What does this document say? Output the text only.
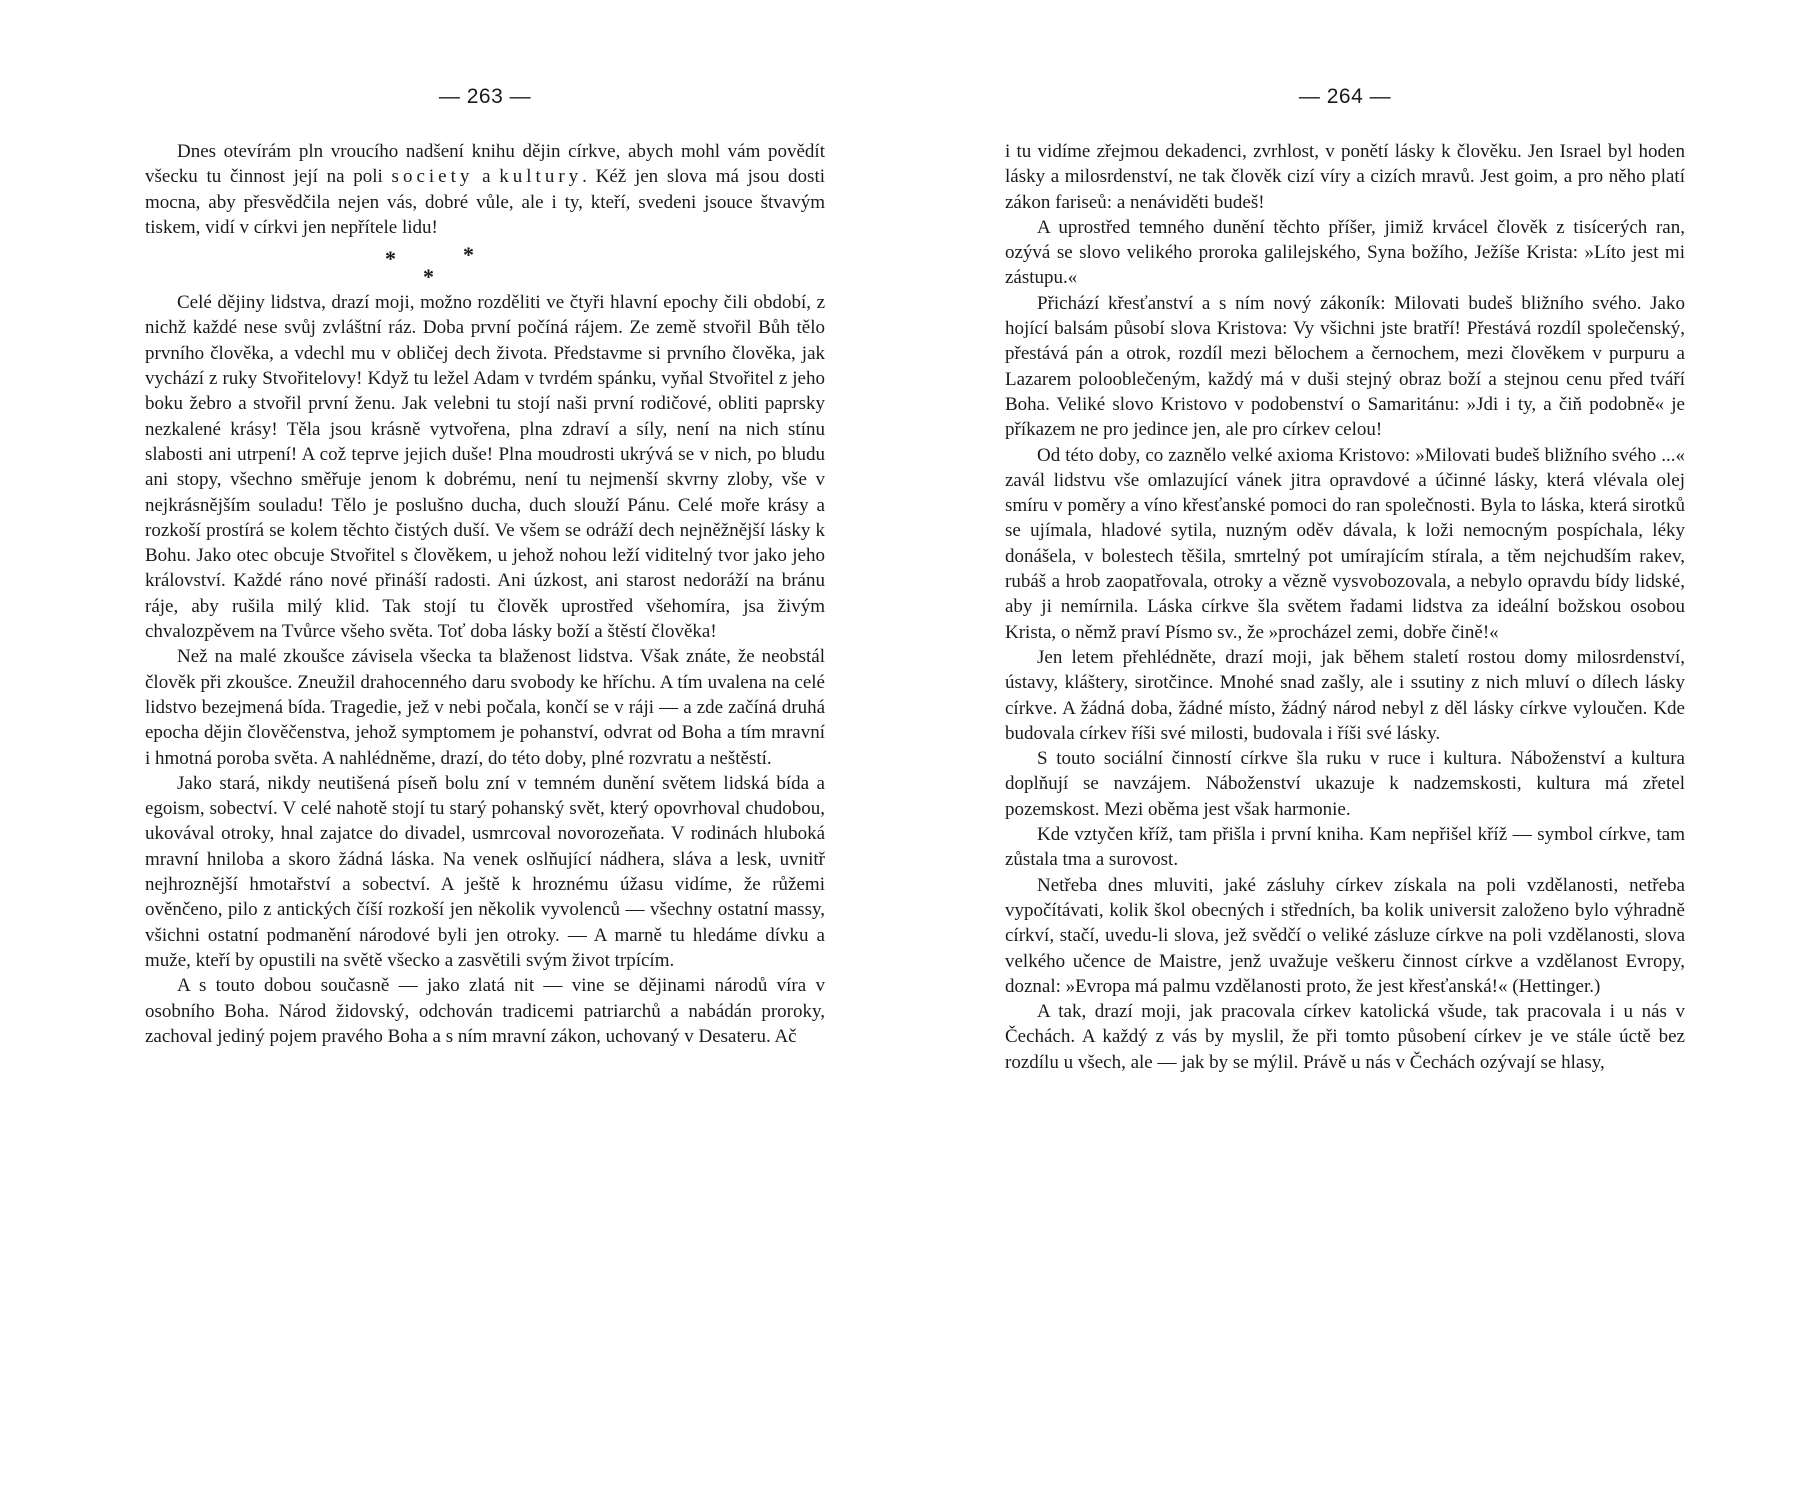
— 263 —

Dnes otevírám pln vroucího nadšení knihu dějin církve, abych mohl vám povědít všecku tu činnost její na poli society a kultury. Kéž jen slova má jsou dosti mocna, aby přesvědčila nejen vás, dobré vůle, ale i ty, kteří, svedeni jsouce štvavým tiskem, vidí v církvi jen nepřítele lidu!

*
*
*

Celé dějiny lidstva, drazí moji, možno rozděliti ve čtyři hlavní epochy čili období, z nichž každé nese svůj zvláštní ráz. Doba první počíná rájem. Ze země stvořil Bůh tělo prvního člověka, a vdechl mu v obličej dech života. Představme si prvního člověka, jak vychází z ruky Stvořitelovy! Když tu ležel Adam v tvrdém spánku, vyňal Stvořitel z jeho boku žebro a stvořil první ženu. Jak velebni tu stojí naši první rodičové, obliti paprsky nezkalené krásy! Těla jsou krásně vytvořena, plna zdraví a síly, není na nich stínu slabosti ani utrpení! A což teprve jejich duše! Plna moudrosti ukrývá se v nich, po bludu ani stopy, všechno směřuje jenom k dobrému, není tu nejmenší skvrny zloby, vše v nejkrásnějším souladu! Tělo je poslušno ducha, duch slouží Pánu. Celé moře krásy a rozkoší prostírá se kolem těchto čistých duší. Ve všem se odráží dech nejněžnější lásky k Bohu. Jako otec obcuje Stvořitel s člověkem, u jehož nohou leží viditelný tvor jako jeho království. Každé ráno nové přináší radosti. Ani úzkost, ani starost nedoráží na bránu ráje, aby rušila milý klid. Tak stojí tu člověk uprostřed všehomíra, jsa živým chvalozpěvem na Tvůrce všeho světa. Toť doba lásky boží a štěstí člověka!

Než na malé zkoušce závisela všecka ta blaženost lidstva. Však znáte, že neobstál člověk při zkoušce. Zneužil drahocenného daru svobody ke hříchu. A tím uvalena na celé lidstvo bezejmená bída. Tragedie, jež v nebi počala, končí se v ráji — a zde začíná druhá epocha dějin člověčenstva, jehož symptomem je pohanství, odvrat od Boha a tím mravní i hmotná poroba světa. A nahlédněme, drazí, do této doby, plné rozvratu a neštěstí.

Jako stará, nikdy neutišená píseň bolu zní v temném dunění světem lidská bída a egoism, sobectví. V celé nahotě stojí tu starý pohanský svět, který opovrhoval chudobou, ukovával otroky, hnal zajatce do divadel, usmrcoval novorozeňata. V rodinách hluboká mravní hniloba a skoro žádná láska. Na venek oslňující nádhera, sláva a lesk, uvnitř nejhroznější hmotařství a sobectví. A ještě k hroznému úžasu vidíme, že růžemi ověnčeno, pilo z antických číší rozkoší jen několik vyvolenců — všechny ostatní massy, všichni ostatní podmanění národové byli jen otroky. — A marně tu hledáme dívku a muže, kteří by opustili na světě všecko a zasvětili svým život trpícím.

A s touto dobou současně — jako zlatá nit — vine se dějinami národů víra v osobního Boha. Národ židovský, odchován tradicemi patriarchů a nabádán proroky, zachoval jediný pojem pravého Boha a s ním mravní zákon, uchovaný v Desateru. Ač

— 264 —

i tu vidíme zřejmou dekadenci, zvrhlost, v ponětí lásky k člověku. Jen Israel byl hoden lásky a milosrdenství, ne tak člověk cizí víry a cizích mravů. Jest goim, a pro něho platí zákon fariseů: a nenáviděti budeš!

A uprostřed temného dunění těchto příšer, jimiž krvácel člověk z tisícerých ran, ozývá se slovo velikého proroka galilejského, Syna božího, Ježíše Krista: »Líto jest mi zástupu.«

Přichází křesťanství a s ním nový zákoník: Milovati budeš bližního svého. Jako hojící balsám působí slova Kristova: Vy všichni jste bratří! Přestává rozdíl společenský, přestává pán a otrok, rozdíl mezi bělochem a černochem, mezi člověkem v purpuru a Lazarem polooblečeným, každý má v duši stejný obraz boží a stejnou cenu před tváří Boha. Veliké slovo Kristovo v podobenství o Samaritánu: »Jdi i ty, a čiň podobně« je příkazem ne pro jedince jen, ale pro církev celou!

Od této doby, co zaznělo velké axioma Kristovo: »Milovati budeš bližního svého ...« zavál lidstvu vše omlazující vánek jitra opravdové a účinné lásky, která vlévala olej smíru v poměry a víno křesťanské pomoci do ran společnosti. Byla to láska, která sirotků se ujímala, hladové sytila, nuzným oděv dávala, k loži nemocným pospíchala, léky donášela, v bolestech těšila, smrtelný pot umírajícím stírala, a těm nejchudším rakev, rubáš a hrob zaopatřovala, otroky a vězně vysvobozovala, a nebylo opravdu bídy lidské, aby ji nemírnila. Láska církve šla světem řadami lidstva za ideální božskou osobou Krista, o němž praví Písmo sv., že »procházel zemi, dobře čině!«

Jen letem přehlédněte, drazí moji, jak během staletí rostou domy milosrdenství, ústavy, kláštery, sirotčince. Mnohé snad zašly, ale i ssutiny z nich mluví o dílech lásky církve. A žádná doba, žádné místo, žádný národ nebyl z děl lásky církve vyloučen. Kde budovala církev říši své milosti, budovala i říši své lásky.

S touto sociální činností církve šla ruku v ruce i kultura. Náboženství a kultura doplňují se navzájem. Náboženství ukazuje k nadzemskosti, kultura má zřetel pozemskost. Mezi oběma jest však harmonie.

Kde vztyčen kříž, tam přišla i první kniha. Kam nepřišel kříž — symbol církve, tam zůstala tma a surovost.

Netřeba dnes mluviti, jaké zásluhy církev získala na poli vzdělanosti, netřeba vypočítávati, kolik škol obecných i středních, ba kolik universit založeno bylo výhradně církví, stačí, uvedu-li slova, jež svědčí o veliké zásluze církve na poli vzdělanosti, slova velkého učence de Maistre, jenž uvažuje veškeru činnost církve a vzdělanost Evropy, doznal: »Evropa má palmu vzdělanosti proto, že jest křesťanská!« (Hettinger.)

A tak, drazí moji, jak pracovala církev katolická všude, tak pracovala i u nás v Čechách. A každý z vás by myslil, že při tomto působení církev je ve stále úctě bez rozdílu u všech, ale — jak by se mýlil. Právě u nás v Čechách ozývají se hlasy,
